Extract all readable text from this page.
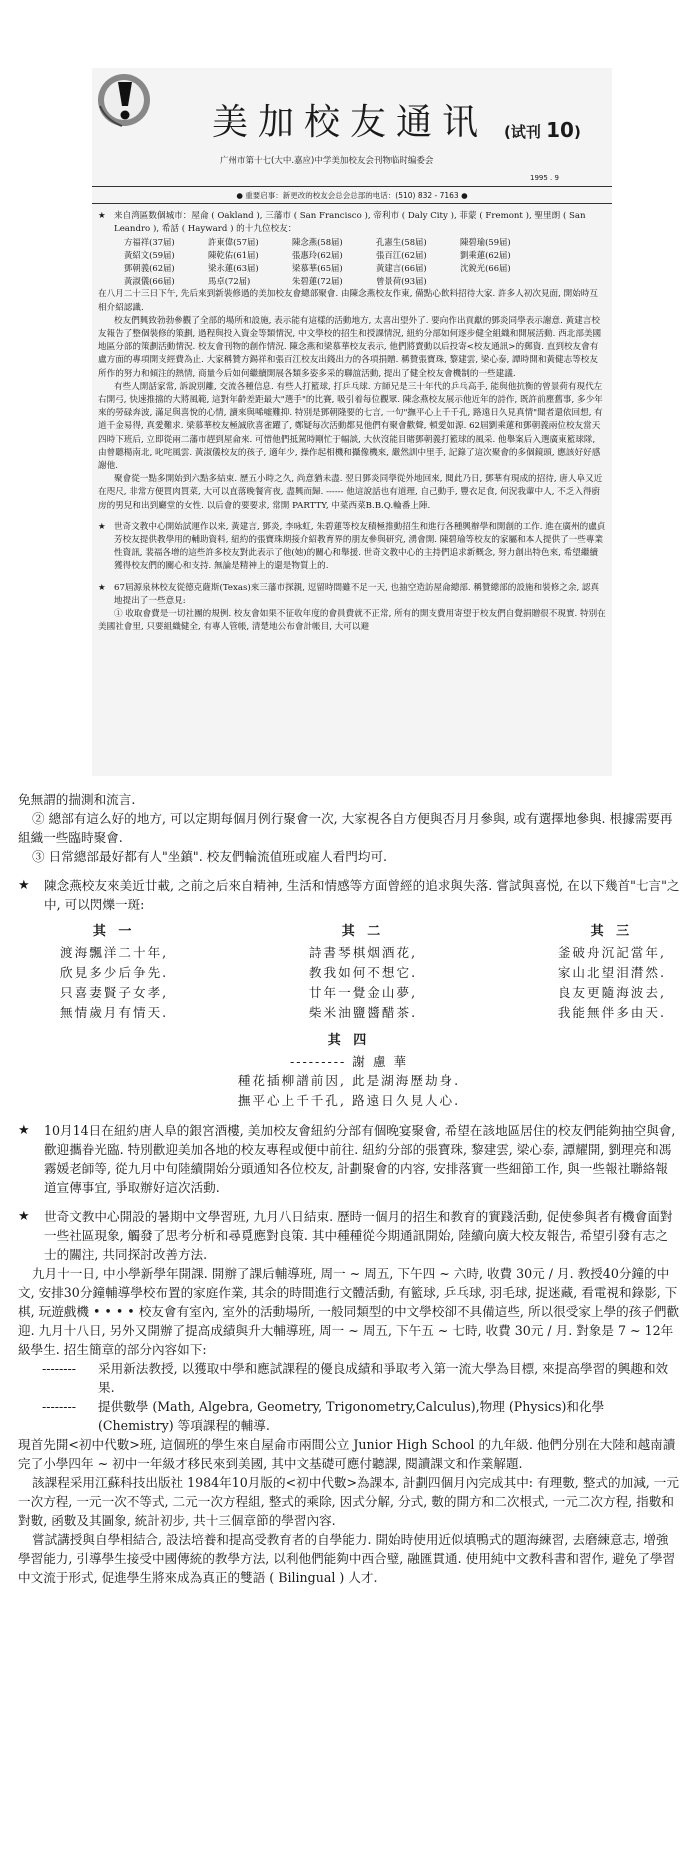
美加校友通讯 (试刊 10)
广州市第十七(大中.嘉应)中学美加校友会刊物临时编委会
1995 . 9
● 重要启事：新更改的校友会总会总部的电话：(510) 832 - 7163 ●

★ 来自湾區数個城市：屋侖 ( Oakland ), 三藩市 ( San Francisco ), 帝利市 ( Daly City ), 菲蒙 ( Fremont ), 聖里朗 ( San Leandro ), 希話 ( Hayward ) 的十九位校友：

方福祥(37届)	許東偉(57届)	陳念燕(58届)	孔憲生(58届)	陳碧瑜(59届)
黃紹文(59届)	陳乾佑(61届)	張惠玲(62届)	張百江(62届)	劉乘蓮(62届)
鄧朝義(62届)	梁永蓮(63届)	梁慕華(65届)	黃建言(66届)	沈銳光(66届)
黃淑儀(66届)	馬卓(72届)	朱碧蓮(72届)	曾景荷(93届)

在八月二十三日下午, 先后來到新裝修過的美加校友會總部聚會. 由陳念燕校友作東, 備點心飲料招待大家. 許多人初次見面, 開始時互相介紹認識.

校友們興致勃勃參觀了全部的場所和設施, 表示能有這樣的活動地方, 太喜出望外了. 要向作出貢獻的鄧炎同學表示謝意. 黃建言校友報告了整個裝修的策劃, 過程與投入資金等類情況, 中文學校的招生和授課情況, 紐約分部如何逐步健全組織和開展活動. 西北部美國地區分部的策劃活動情況. 校友會刊物的創作情況. 陳念燕和梁慕華校友表示, 他們將賣動以后投寄<校友通訊>的郵資. 直到校友會有盧方面的專項開支經費為止. 大家稱贊方錫祥和張百江校友出錢出力的各項捐贈. 稱贊張寶珠, 黎建雲, 梁心泰, 譚時開和黃健志等校友所作的努力和傾注的熱情, 商量今后如何繼續開展各類多姿多采的聯誼活動, 提出了健全校友會機制的一些建議.

有些人開話家常, 訴說別離, 交流各種信息. 有些人打籃球, 打乒乓球. 方師兄是三十年代的乒乓高手, 能與他抗衡的曾景荷有現代左右開弓, 快速推擋的大將風範, 這對年齡差距最大"選手"的比賽, 吸引着每位觀眾. 陳念燕校友展示他近年的詩作, 既許前塵舊事, 多少年來的勞碌奔波, 滿足與喜悅的心情, 讀來與唏嘘難抑. 特別是鄧朝隆要的七言, 一句"撫平心上千千孔, 路遠日久見真情"聞者還依回想, 有道千金易得, 真愛難求. 梁慕華校友極誠欣喜雀躍了, 鄭疑每次活動都見他們有聚會歡聲, 頓愛如源. 62屆劉乘蓮和鄧朝義兩位校友當天四時下班后, 立即從兩二藩市趕到屋侖來. 可惜他們抵駕時剛忙于幅談, 大伙沒能目睹鄧朝義打籃球的風采. 他舉案后入選廣東籃球隊, 由曾聽楊南北, 叱咤風雲. 黃淑儀校友的孩子, 適年少, 操作起相機和攝像機來, 嚴然訓中里手, 記錄了這次聚會的多個鏡頭, 應該好好感謝他.

聚會從一點多開始到六點多結束. 歷五小時之久, 尚意猶未盡. 翌日鄧炎同學從外地回來, 閱此乃日, 鄧華有現成的招待, 唐人阜又近在咫尺, 非常方便買肉買菜, 大可以直落晚餐宵夜, 盡興而歸. ------ 他這說話也有道理, 自己動手, 豐衣足食, 何況我輩中人, 不乏入得廚房的男兒和出到廳堂的女性. 以后會的要要求, 常開 PARTTY, 中菜西菜B.B.Q.輪番上陣.

★ 世奇文教中心開始試運作以来, 黃建言, 鄧炎, 李咏虹, 朱碧蓮等校友積極推動招生和進行各種興辦學和開創的工作. 進在廣州的盧貞芳校友提供教學用的輔助資料, 紐約的張寶珠期接介紹教育界的朋友參與研究, 湧會開. 陳碧瑜等校友的家屬和本人提供了一些專業性資訊, 裴福各增的這些許多校友對此表示了他(她)的關心和舉援. 世奇文教中心的主持們追求新概念, 努力創出特色來, 希望繼續獲得校友們的關心和支持. 無論是精神上的還是物質上的.

★ 67屆源泉林校友從德克薩斯(Texas)來三藩市探親, 逗留時間雖不足一天, 也抽空造訪屋侖總部. 稱贊總部的設施和裝修之余, 認真地提出了一些意見:

① 收取會費是一切社團的規例. 校友會如果不征收年度的會員費就不正常, 所有的開支費用寄望于校友們自覺捐贈很不現實. 特別在美國社會里, 只要組織健全, 有專人管帳, 清楚地公布會計帳目, 大可以避

免無謂的揣測和流言.

② 總部有這么好的地方, 可以定期每個月例行聚會一次, 大家視各自方便與否月月參與, 或有選擇地參與. 根據需要再組織一些臨時聚會.

③ 日常總部最好都有人"坐鎮". 校友們輪流值班或雇人看門均可.

★ 陳念燕校友來美近廿載, 之前之后來自精神, 生活和情感等方面曾經的追求與失落. 嘗試與喜悦, 在以下幾首"七言"之中, 可以閃爍一斑:

其 一
渡海飄洋二十年,
欣見多少后争先.
只喜妻賢子女孝,
無情歲月有情天.
其 二
詩書琴棋烟酒花,
教我如何不想它.
廿年一覺金山夢,
柴米油鹽醬醋茶.
其 三
釜破舟沉記當年,
家山北望泪潸然.
良友更隨海波去,
我能無伴多由天.
其 四
--------- 謝 慮 華
種花插柳譜前因, 此是湖海歷劫身.
撫平心上千千孔, 路遠日久見人心.

★ 10月14日在紐約唐人阜的銀宮酒樓, 美加校友會紐約分部有個晚宴聚會, 希望在該地區居住的校友們能夠抽空與會, 歡迎攜眷光臨. 特別歡迎美加各地的校友專程或便中前往. 紐約分部的張寶珠, 黎建雲, 梁心泰, 譚耀開, 劉理亮和馮霧媛老師等, 從九月中旬陸續開始分頭通知各位校友, 計劃聚會的内容, 安排落實一些細節工作, 與一些報社聯絡報道宣傳事宜, 爭取辦好這次活動.

★ 世奇文教中心開設的暑期中文學習班, 九月八日結束. 歷時一個月的招生和教育的實踐活動, 促使參與者有機會面對一些社區現象, 觸發了思考分析和尋覓應對良策. 其中種種從今期通訊開始, 陸續向廣大校友報告, 希望引發有志之士的關注, 共同探討改善方法.

九月十一日, 中小學新學年開課. 開辦了課后輔導班, 周一 ~ 周五, 下午四 ~ 六時, 收費 30元 / 月. 教授40分鐘的中文, 安排30分鐘輔導學校布置的家庭作業, 其余的時間進行文體活動, 有籃球, 乒乓球, 羽毛球, 捉迷藏, 看電視和錄影, 下棋, 玩遊戲機 • • • • 校友會有室內, 室外的活動場所, 一般同類型的中文學校卻不具備這些, 所以很受家上學的孩子們歡迎. 九月十八日, 另外又開辦了提高成績與升大輔導班, 周一 ~ 周五, 下午五 ~ 七時, 收費 30元 / 月. 對象是 7 ~ 12年級學生. 招生簡章的部分內容如下:

-------- 采用新法教授, 以獲取中學和應試課程的優良成績和爭取考入第一流大學為目標, 來提高學習的興趣和效果.

-------- 提供數學 (Math, Algebra, Geometry, Trigonometry,Calculus),物理 (Physics)和化學 (Chemistry) 等項課程的輔導.

現首先開<初中代數>班, 這個班的學生來自屋侖市兩間公立 Junior High School 的九年級. 他們分別在大陸和越南讀完了小學四年 ~ 初中一年級才移民來到美國, 其中文基礎可應付聽課, 閱讀課文和作業解題.

該課程采用江蘇科技出版社 1984年10月版的<初中代數>為課本, 計劃四個月內完成其中: 有理數, 整式的加減, 一元一次方程, 一元一次不等式, 二元一次方程組, 整式的乘除, 因式分解, 分式, 數的開方和二次根式, 一元二次方程, 指數和對數, 函數及其圖象, 統計初步, 共十三個章節的學習內容.

嘗試講授與自學相結合, 設法培養和提高受教育者的自學能力. 開始時使用近似填鴨式的題海練習, 去磨練意志, 增強學習能力, 引導學生接受中國傳統的教學方法, 以利他們能夠中西合璧, 融匯貫通. 使用純中文教科書和習作, 避免了學習中文流于形式, 促進學生將來成為真正的雙語 ( Bilingual ) 人才.
